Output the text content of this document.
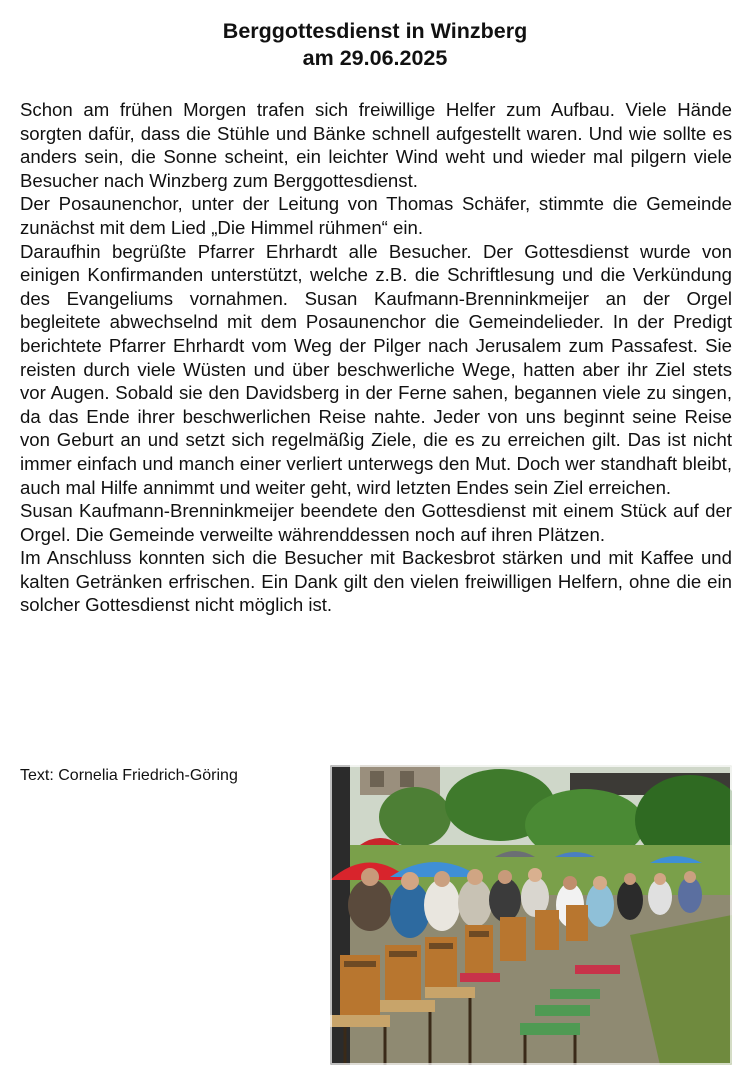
Berggottesdienst in Winzberg
am 29.06.2025

Schon am frühen Morgen trafen sich freiwillige Helfer zum Aufbau. Viele Hände sorgten dafür, dass die Stühle und Bänke schnell aufgestellt waren. Und wie sollte es anders sein, die Sonne scheint, ein leichter Wind weht und wieder mal pilgern viele Besucher nach Winzberg zum Berggottesdienst.

Der Posaunenchor, unter der Leitung von Thomas Schäfer, stimmte die Gemeinde zunächst mit dem Lied „Die Himmel rühmen“ ein.

Daraufhin begrüßte Pfarrer Ehrhardt alle Besucher. Der Gottesdienst wurde von einigen Konfirmanden unterstützt, welche z.B. die Schriftlesung und die Verkündung des Evangeliums vornahmen. Susan Kaufmann-Brenninkmeijer an der Orgel begleitete abwechselnd mit dem Posaunenchor die Gemeindelieder. In der Predigt berichtete Pfarrer Ehrhardt vom Weg der Pilger nach Jerusalem zum Passafest. Sie reisten durch viele Wüsten und über beschwerliche Wege, hatten aber ihr Ziel stets vor Augen. Sobald sie den Davidsberg in der Ferne sahen, begannen viele zu singen, da das Ende ihrer beschwerlichen Reise nahte. Jeder von uns beginnt seine Reise von Geburt an und setzt sich regelmäßig Ziele, die es zu erreichen gilt. Das ist nicht immer einfach und manch einer verliert unterwegs den Mut. Doch wer standhaft bleibt, auch mal Hilfe annimmt und weiter geht, wird letzten Endes sein Ziel erreichen.

Susan Kaufmann-Brenninkmeijer beendete den Gottesdienst mit einem Stück auf der Orgel. Die Gemeinde verweilte währenddessen noch auf ihren Plätzen.

Im Anschluss konnten sich die Besucher mit Backesbrot stärken und mit Kaffee und kalten Getränken erfrischen. Ein Dank gilt den vielen freiwilligen Helfern, ohne die ein solcher Gottesdienst nicht möglich ist.

Text: Cornelia Friedrich-Göring
